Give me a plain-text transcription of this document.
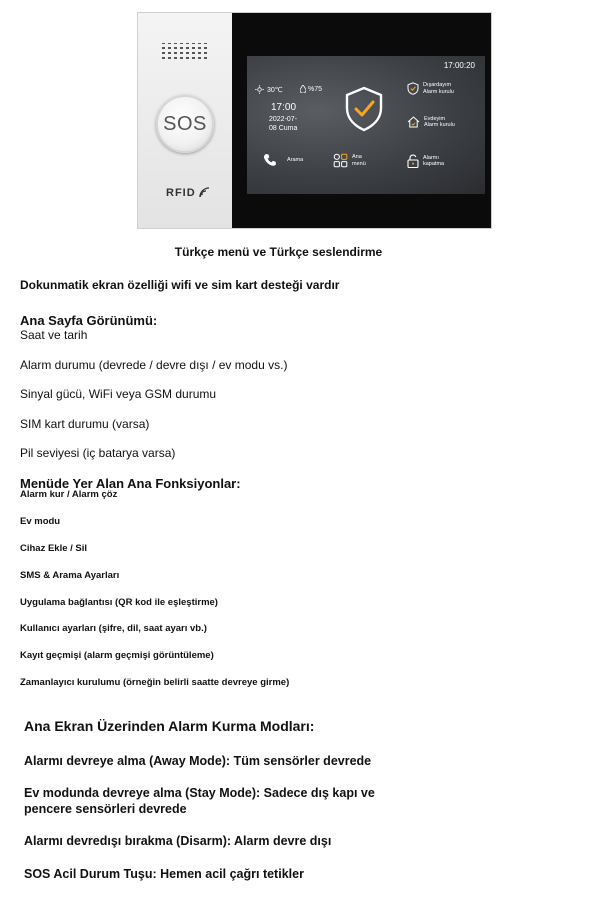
SOS
RFID
17:00:20
30℃	%75
17:00
2022-07-
08 Cuma
Dışardayım
Alarm kurulu
Evdeyim
Alarm kurulu
Arama	Ana
menü
Alarmı
kapatma

Türkçe menü ve Türkçe seslendirme

Dokunmatik ekran özelliği wifi ve sim kart desteği vardır

Ana Sayfa Görünümü:

Saat ve tarih

Alarm durumu (devrede / devre dışı / ev modu vs.)

Sinyal gücü, WiFi veya GSM durumu

SIM kart durumu (varsa)

Pil seviyesi (iç batarya varsa)

Menüde Yer Alan Ana Fonksiyonlar:

Alarm kur / Alarm çöz

Ev modu

Cihaz Ekle / Sil

SMS & Arama Ayarları

Uygulama bağlantısı (QR kod ile eşleştirme)

Kullanıcı ayarları (şifre, dil, saat ayarı vb.)

Kayıt geçmişi (alarm geçmişi görüntüleme)

Zamanlayıcı kurulumu (örneğin belirli saatte devreye girme)

Ana Ekran Üzerinden Alarm Kurma Modları:

Alarmı devreye alma (Away Mode): Tüm sensörler devrede

Ev modunda devreye alma (Stay Mode): Sadece dış kapı ve

pencere sensörleri devrede

Alarmı devredışı bırakma (Disarm): Alarm devre dışı

SOS Acil Durum Tuşu: Hemen acil çağrı tetikler
